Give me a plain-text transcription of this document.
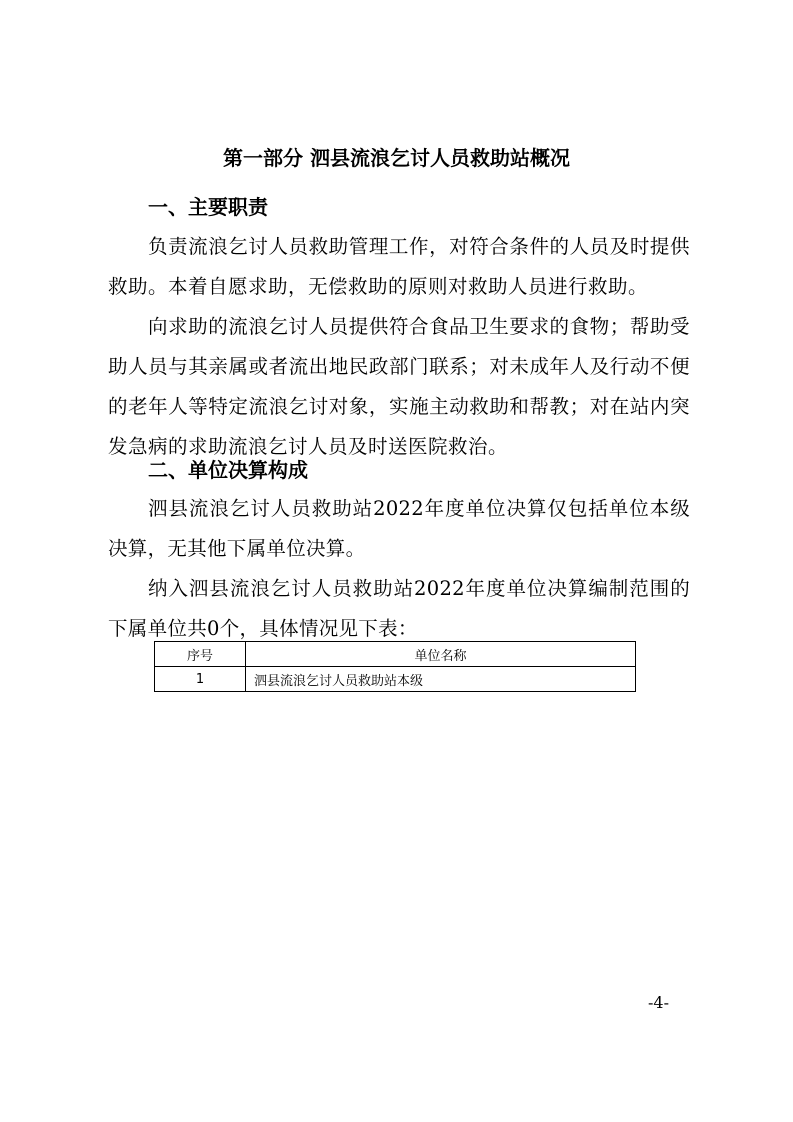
第一部分 泗县流浪乞讨人员救助站概况
一、主要职责

负责流浪乞讨人员救助管理工作，对符合条件的人员及时提供救助。本着自愿求助，无偿救助的原则对救助人员进行救助。

向求助的流浪乞讨人员提供符合食品卫生要求的食物；帮助受助人员与其亲属或者流出地民政部门联系；对未成年人及行动不便的老年人等特定流浪乞讨对象，实施主动救助和帮教；对在站内突发急病的求助流浪乞讨人员及时送医院救治。

二、单位决算构成

泗县流浪乞讨人员救助站2022年度单位决算仅包括单位本级决算，无其他下属单位决算。

纳入泗县流浪乞讨人员救助站2022年度单位决算编制范围的下属单位共0个，具体情况见下表：

序号	单位名称
1	泗县流浪乞讨人员救助站本级
-4-
